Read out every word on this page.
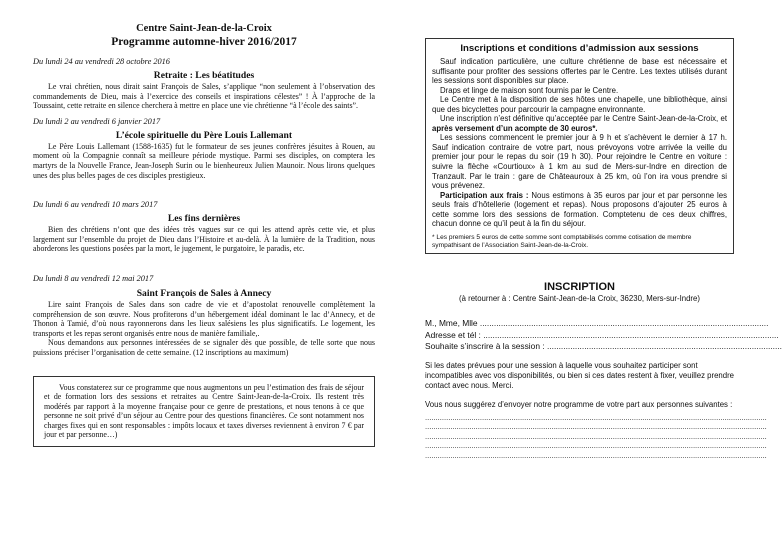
Centre Saint-Jean-de-la-Croix
Programme automne-hiver 2016/2017
Du lundi 24 au vendredi 28 octobre 2016
Retraite : Les béatitudes

Le vrai chrétien, nous dirait saint François de Sales, s’applique “non seulement à l’observation des commandements de Dieu, mais à l’exercice des conseils et inspirations célestes” ! À l’approche de la Toussaint, cette retraite en silence cherchera à mettre en place une vie chrétienne “à l’école des saints”.

Du lundi 2 au vendredi 6 janvier 2017
L’école spirituelle du Père Louis Lallemant

Le Père Louis Lallemant (1588-1635) fut le formateur de ses jeunes confrères jésuites à Rouen, au moment où la Compagnie connaît sa meilleure période mystique. Parmi ses disciples, on comptera les martyrs de la Nouvelle France, Jean-Joseph Surin ou le bienheureux Julien Maunoir. Nous lirons quelques unes des plus belles pages de ces disciples prestigieux.

Du lundi 6 au vendredi 10 mars 2017
Les fins dernières

Bien des chrétiens n’ont que des idées très vagues sur ce qui les attend après cette vie, et plus largement sur l’ensemble du projet de Dieu dans l’Histoire et au-delà. À la lumière de la Tradition, nous aborderons les questions posées par la mort, le jugement, le purgatoire, le paradis, etc.

Du lundi 8 au vendredi 12 mai 2017
Saint François de Sales à Annecy

Lire saint François de Sales dans son cadre de vie et d’apostolat renouvelle complètement la compréhension de son œuvre. Nous profiterons d’un hébergement idéal dominant le lac d’Annecy, et de Thonon à Tamié, d’où nous rayonnerons dans les lieux salésiens les plus significatifs. Le logement, les transports et les repas seront organisés entre nous de manière familiale,.

Nous demandons aux personnes intéressées de se signaler dès que possible, de telle sorte que nous puissions préciser l’organisation de cette semaine. (12 inscriptions au maximum)

Vous constaterez sur ce programme que nous augmentons un peu l’estimation des frais de séjour et de formation lors des sessions et retraites au Centre Saint-Jean-de-la-Croix. Ils restent très modérés par rapport à la moyenne française pour ce genre de prestations, et nous tenons à ce que personne ne soit privé d’un séjour au Centre pour des questions financières. Ce sont notamment nos charges fixes qui en sont responsables : impôts locaux et taxes diverses reviennent à environ 7 € par jour et par personne…)

Inscriptions et conditions d’admission aux sessions

Sauf indication particulière, une culture chrétienne de base est nécessaire et suffisante pour profiter des sessions offertes par le Centre. Les textes utilisés durant les sessions sont disponibles sur place.

Draps et linge de maison sont fournis par le Centre.

Le Centre met à la disposition de ses hôtes une chapelle, une bibliothèque, ainsi que des bicyclettes pour parcourir la campagne environnante.

Une inscription n’est définitive qu’acceptée par le Centre Saint-Jean-de-la-Croix, et après versement d’un acompte de 30 euros*.

Les sessions commencent le premier jour à 9 h et s’achèvent le dernier à 17 h. Sauf indication contraire de votre part, nous prévoyons votre arrivée la veille du premier jour pour le repas du soir (19 h 30). Pour rejoindre le Centre en voiture : suivre la flèche «Courtioux» à 1 km au sud de Mers-sur-Indre en direction de Tranzault. Par le train : gare de Châteauroux à 25 km, où l’on ira vous prendre si vous prévenez.

Participation aux frais : Nous estimons à 35 euros par jour et par personne les seuls frais d’hôtellerie (logement et repas). Nous proposons d’ajouter 25 euros à cette somme lors des sessions de formation. Comptetenu de ces deux chiffres, chacun donne ce qu’il peut à la fin du séjour.

* Les premiers 5 euros de cette somme sont comptabilisés comme cotisation de membre sympathisant de l’Association Saint-Jean-de-la-Croix.
INSCRIPTION
(à retourner à : Centre Saint-Jean-de-la Croix, 36230, Mers-sur-Indre)
M., Mme, Mlle ............................................................................................................................
Adresse et tél : ...............................................................................................................................
Souhaite s’inscrire à la session : .....................................................................................................
Si les dates prévues pour une session à laquelle vous souhaitez participer sont incompatibles avec vos disponibilités, ou bien si ces dates restent à fixer, veuillez prendre contact avec nous. Merci.
Vous nous suggérez d’envoyer notre programme de votre part aux personnes suivantes :
..................................................................................................................................................................
..................................................................................................................................................................
..................................................................................................................................................................
..................................................................................................................................................................
..................................................................................................................................................................
